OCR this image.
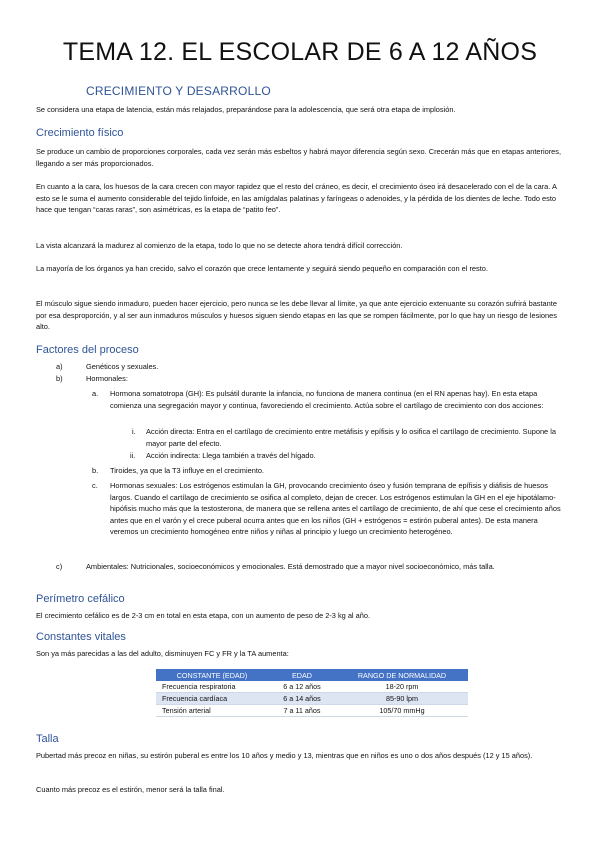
TEMA 12. EL ESCOLAR DE 6 A 12 AÑOS
CRECIMIENTO Y DESARROLLO
Se considera una etapa de latencia, están más relajados, preparándose para la adolescencia, que será otra etapa de implosión.
Crecimiento físico
Se produce un cambio de proporciones corporales, cada vez serán más esbeltos y habrá mayor diferencia según sexo. Crecerán más que en etapas anteriores, llegando a ser más proporcionados.
En cuanto a la cara, los huesos de la cara crecen con mayor rapidez que el resto del cráneo, es decir, el crecimiento óseo irá desacelerado con el de la cara. A esto se le suma el aumento considerable del tejido linfoide, en las amígdalas palatinas y faríngeas o adenoides, y la pérdida de los dientes de leche. Todo esto hace que tengan “caras raras”, son asimétricas, es la etapa de “patito feo”.
La vista alcanzará la madurez al comienzo de la etapa, todo lo que no se detecte ahora tendrá difícil corrección.
La mayoría de los órganos ya han crecido, salvo el corazón que crece lentamente y seguirá siendo pequeño en comparación con el resto.
El músculo sigue siendo inmaduro, pueden hacer ejercicio, pero nunca se les debe llevar al límite, ya que ante ejercicio extenuante su corazón sufrirá bastante por esa desproporción, y al ser aun inmaduros músculos y huesos siguen siendo etapas en las que se rompen fácilmente, por lo que hay un riesgo de lesiones alto.
Factores del proceso
a)	Genéticos y sexuales.
b)	Hormonales:
a. Hormona somatotropa (GH): Es pulsátil durante la infancia, no funciona de manera continua (en el RN apenas hay). En esta etapa comienza una segregación mayor y continua, favoreciendo el crecimiento. Actúa sobre el cartílago de crecimiento con dos acciones:
i. Acción directa: Entra en el cartílago de crecimiento entre metáfisis y epífisis y lo osifica el cartílago de crecimiento. Supone la mayor parte del efecto.
ii. Acción indirecta: Llega también a través del hígado.
b. Tiroides, ya que la T3 influye en el crecimiento.
c. Hormonas sexuales: Los estrógenos estimulan la GH, provocando crecimiento óseo y fusión temprana de epífisis y diáfisis de huesos largos. Cuando el cartílago de crecimiento se osifica al completo, dejan de crecer. Los estrógenos estimulan la GH en el eje hipotálamo-hipófisis mucho más que la testosterona, de manera que se rellena antes el cartílago de crecimiento, de ahí que cese el crecimiento años antes que en el varón y el crece puberal ocurra antes que en los niños (GH + estrógenos = estirón puberal antes). De esta manera veremos un crecimiento homogéneo entre niños y niñas al principio y luego un crecimiento heterogéneo.
c)	Ambientales: Nutricionales, socioeconómicos y emocionales. Está demostrado que a mayor nivel socioeconómico, más talla.
Perímetro cefálico
El crecimiento cefálico es de 2-3 cm en total en esta etapa, con un aumento de peso de 2-3 kg al año.
Constantes vitales
Son ya más parecidas a las del adulto, disminuyen FC y FR y la TA aumenta:
CONSTANTE (EDAD)	EDAD	RANGO DE NORMALIDAD
Frecuencia respiratoria	6 a 12 años	18-20 rpm
Frecuencia cardíaca	6 a 14 años	85-90 lpm
Tensión arterial	7 a 11 años	105/70 mmHg
Talla
Pubertad más precoz en niñas, su estirón puberal es entre los 10 años y medio y 13, mientras que en niños es uno o dos años después (12 y 15 años).
Cuanto más precoz es el estirón, menor será la talla final.
